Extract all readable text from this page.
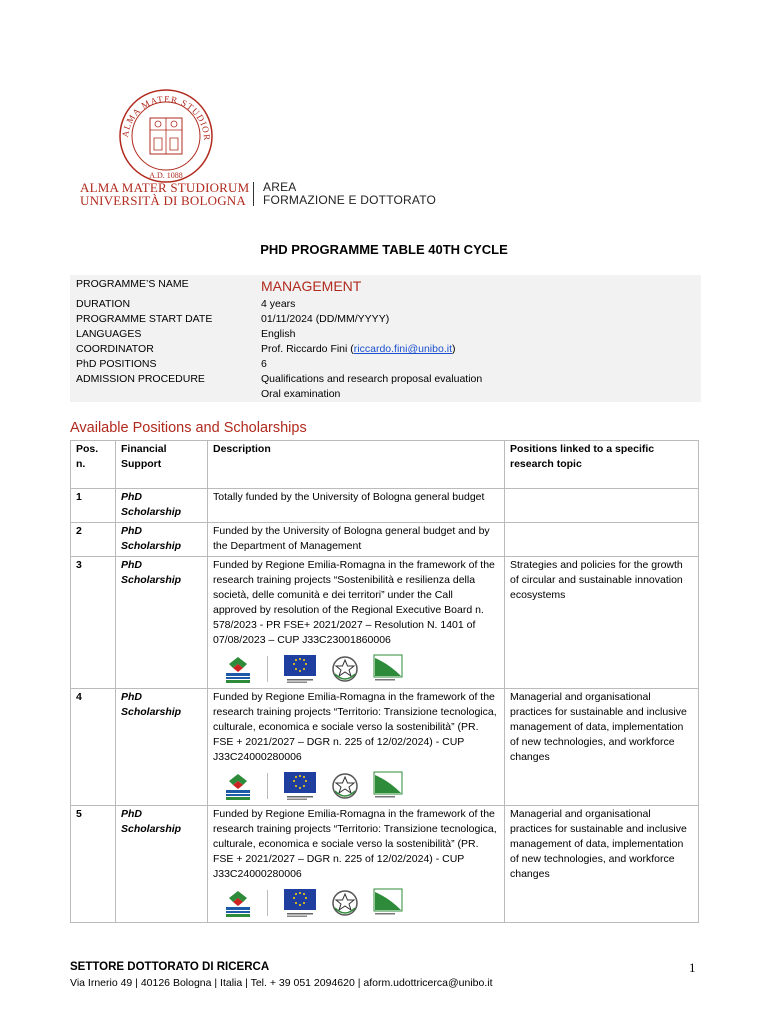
ALMA MATER STUDIOR
A.D. 1088
ALMA MATER STUDIORUM
UNIVERSITÀ DI BOLOGNA
AREA
FORMAZIONE E DOTTORATO
PHD PROGRAMME TABLE 40TH CYCLE
PROGRAMME’S NAME	MANAGEMENT
DURATION	4 years
PROGRAMME START DATE	01/11/2024 (DD/MM/YYYY)
LANGUAGES	English
COORDINATOR	Prof. Riccardo Fini (riccardo.fini@unibo.it)
PhD POSITIONS	6
ADMISSION PROCEDURE	Qualifications and research proposal evaluation
Oral examination
Available Positions and Scholarships
Pos. n.	Financial Support	Description	Positions linked to a specific research topic
1	PhD Scholarship	Totally funded by the University of Bologna general budget	
2	PhD Scholarship	Funded by the University of Bologna general budget and by the Department of Management	
3	PhD Scholarship	Funded by Regione Emilia-Romagna in the framework of the research training projects “Sostenibilità e resilienza della società, delle comunità e dei territori” under the Call approved by resolution of the Regional Executive Board n. 578/2023 - PR FSE+ 2021/2027 – Resolution N. 1401 of 07/08/2023 – CUP J33C23001860006	Strategies and policies for the growth of circular and sustainable innovation ecosystems
4	PhD Scholarship	Funded by Regione Emilia-Romagna in the framework of the research training projects “Territorio: Transizione tecnologica, culturale, economica e sociale verso la sostenibilità” (PR. FSE + 2021/2027 – DGR n. 225 of 12/02/2024) - CUP J33C24000280006	Managerial and organisational practices for sustainable and inclusive management of data, implementation of new technologies, and workforce changes
5	PhD Scholarship	Funded by Regione Emilia-Romagna in the framework of the research training projects “Territorio: Transizione tecnologica, culturale, economica e sociale verso la sostenibilità” (PR. FSE + 2021/2027 – DGR n. 225 of 12/02/2024) - CUP J33C24000280006	Managerial and organisational practices for sustainable and inclusive management of data, implementation of new technologies, and workforce changes
SETTORE DOTTORATO DI RICERCA	1
Via Irnerio 49 | 40126 Bologna | Italia | Tel. + 39 051 2094620 | aform.udottricerca@unibo.it
